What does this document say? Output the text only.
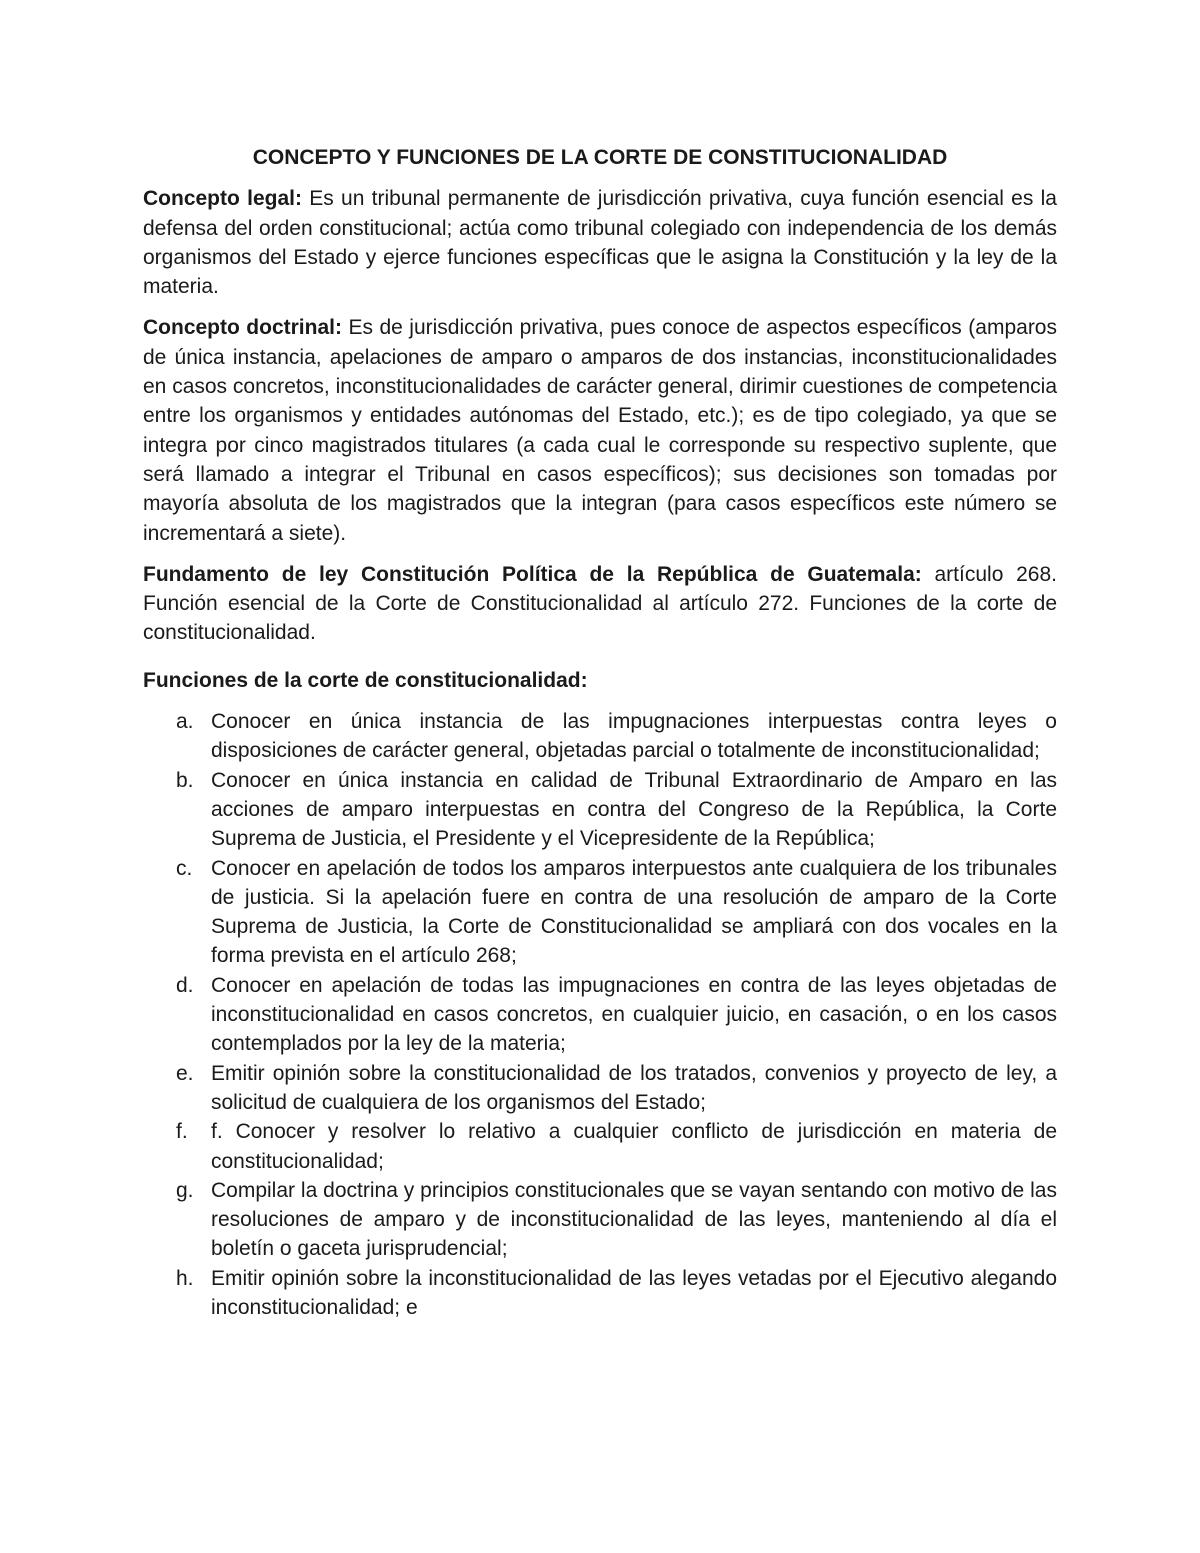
CONCEPTO Y FUNCIONES DE LA CORTE DE CONSTITUCIONALIDAD

Concepto legal: Es un tribunal permanente de jurisdicción privativa, cuya función esencial es la defensa del orden constitucional; actúa como tribunal colegiado con independencia de los demás organismos del Estado y ejerce funciones específicas que le asigna la Constitución y la ley de la materia.

Concepto doctrinal: Es de jurisdicción privativa, pues conoce de aspectos específicos (amparos de única instancia, apelaciones de amparo o amparos de dos instancias, inconstitucionalidades en casos concretos, inconstitucionalidades de carácter general, dirimir cuestiones de competencia entre los organismos y entidades autónomas del Estado, etc.); es de tipo colegiado, ya que se integra por cinco magistrados titulares (a cada cual le corresponde su respectivo suplente, que será llamado a integrar el Tribunal en casos específicos); sus decisiones son tomadas por mayoría absoluta de los magistrados que la integran (para casos específicos este número se incrementará a siete).

Fundamento de ley Constitución Política de la República de Guatemala: artículo 268. Función esencial de la Corte de Constitucionalidad al artículo 272. Funciones de la corte de constitucionalidad.

Funciones de la corte de constitucionalidad:
a. Conocer en única instancia de las impugnaciones interpuestas contra leyes o disposiciones de carácter general, objetadas parcial o totalmente de inconstitucionalidad;
b. Conocer en única instancia en calidad de Tribunal Extraordinario de Amparo en las acciones de amparo interpuestas en contra del Congreso de la República, la Corte Suprema de Justicia, el Presidente y el Vicepresidente de la República;
c. Conocer en apelación de todos los amparos interpuestos ante cualquiera de los tribunales de justicia. Si la apelación fuere en contra de una resolución de amparo de la Corte Suprema de Justicia, la Corte de Constitucionalidad se ampliará con dos vocales en la forma prevista en el artículo 268;
d. Conocer en apelación de todas las impugnaciones en contra de las leyes objetadas de inconstitucionalidad en casos concretos, en cualquier juicio, en casación, o en los casos contemplados por la ley de la materia;
e. Emitir opinión sobre la constitucionalidad de los tratados, convenios y proyecto de ley, a solicitud de cualquiera de los organismos del Estado;
f. f. Conocer y resolver lo relativo a cualquier conflicto de jurisdicción en materia de constitucionalidad;
g. Compilar la doctrina y principios constitucionales que se vayan sentando con motivo de las resoluciones de amparo y de inconstitucionalidad de las leyes, manteniendo al día el boletín o gaceta jurisprudencial;
h. Emitir opinión sobre la inconstitucionalidad de las leyes vetadas por el Ejecutivo alegando inconstitucionalidad; e
